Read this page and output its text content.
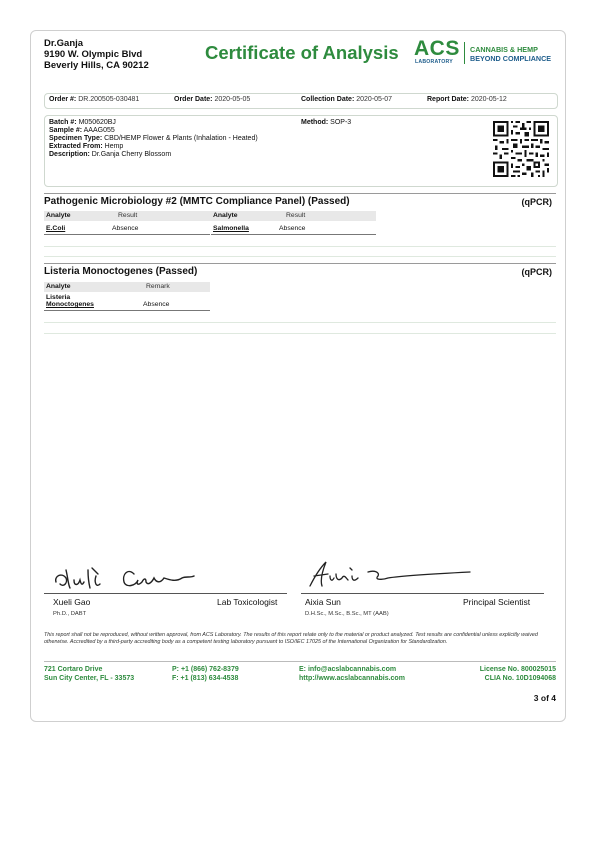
Dr.Ganja
9190 W. Olympic Blvd
Beverly Hills, CA 90212
Certificate of Analysis ACS
LABORATORY
CANNABIS & HEMP
BEYOND COMPLIANCE
Order #: DR.200505-030481	Order Date: 2020-05-05	Collection Date: 2020-05-07	Report Date: 2020-05-12
Batch #: M050620BJ
Sample #: AAAG055
Specimen Type: CBD/HEMP Flower & Plants (Inhalation - Heated)
Extracted From: Hemp
Description: Dr.Ganja Cherry Blossom
Method: SOP-3
Pathogenic Microbiology #2 (MMTC Compliance Panel) (Passed)	(qPCR)
Analyte	Result	Analyte	Result
E.Coli	Absence	Salmonella	Absence
Listeria Monoctogenes (Passed)	(qPCR)
Analyte	Remark
Listeria
Monoctogenes	Absence
Xueli Gao	Lab Toxicologist
Ph.D., DABT
Aixia Sun	Principal Scientist
D.H.Sc., M.Sc., B.Sc., MT (AAB)
This report shall not be reproduced, without written approval, from ACS Laboratory. The results of this report relate only to the material or product analyzed. Test results are confidential unless explicitly waived otherwise. Accredited by a third-party accrediting body as a competent testing laboratory pursuant to ISO/IEC 17025 of the International Organization for Standardization.
721 Cortaro Drive
Sun City Center, FL - 33573
P: +1 (866) 762-8379
F: +1 (813) 634-4538
E: info@acslabcannabis.com
http://www.acslabcannabis.com
License No. 800025015
CLIA No. 10D1094068
3 of 4
